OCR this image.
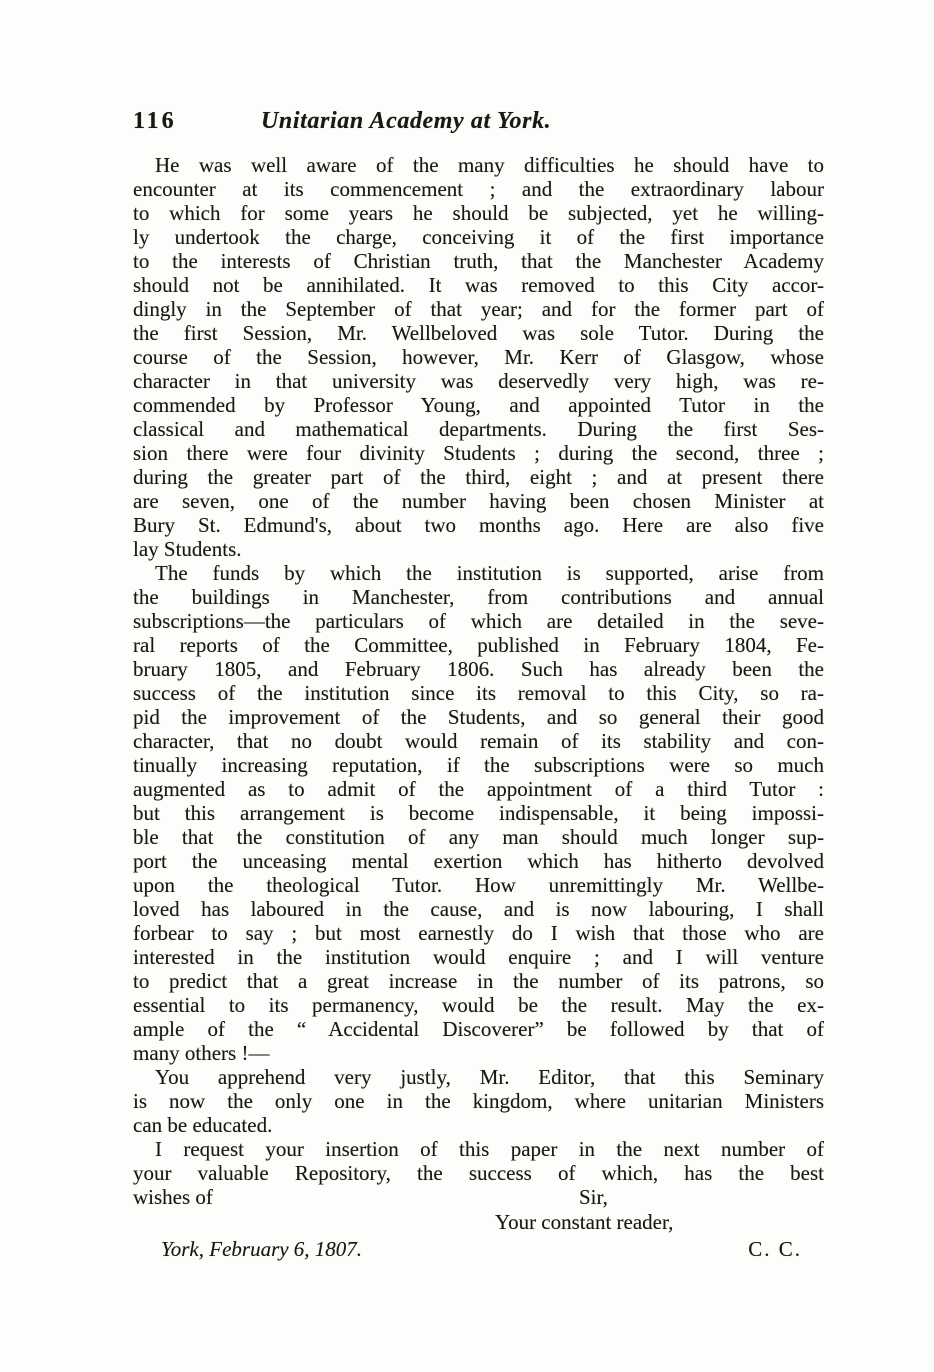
116	Unitarian Academy at York.
He was well aware of the many difficulties he should have to
encounter at its commencement ; and the extraordinary labour
to which for some years he should be subjected, yet he willing-
ly undertook the charge, conceiving it of the first importance
to the interests of Christian truth, that the Manchester Academy
should not be annihilated. It was removed to this City accor-
dingly in the September of that year; and for the former part of
the first Session, Mr. Wellbeloved was sole Tutor. During the
course of the Session, however, Mr. Kerr of Glasgow, whose
character in that university was deservedly very high, was re-
commended by Professor Young, and appointed Tutor in the
classical and mathematical departments. During the first Ses-
sion there were four divinity Students ; during the second, three ;
during the greater part of the third, eight ; and at present there
are seven, one of the number having been chosen Minister at
Bury St. Edmund's, about two months ago. Here are also five
lay Students.
The funds by which the institution is supported, arise from
the buildings in Manchester, from contributions and annual
subscriptions—the particulars of which are detailed in the seve-
ral reports of the Committee, published in February 1804, Fe-
bruary 1805, and February 1806. Such has already been the
success of the institution since its removal to this City, so ra-
pid the improvement of the Students, and so general their good
character, that no doubt would remain of its stability and con-
tinually increasing reputation, if the subscriptions were so much
augmented as to admit of the appointment of a third Tutor :
but this arrangement is become indispensable, it being impossi-
ble that the constitution of any man should much longer sup-
port the unceasing mental exertion which has hitherto devolved
upon the theological Tutor. How unremittingly Mr. Wellbe-
loved has laboured in the cause, and is now labouring, I shall
forbear to say ; but most earnestly do I wish that those who are
interested in the institution would enquire ; and I will venture
to predict that a great increase in the number of its patrons, so
essential to its permanency, would be the result. May the ex-
ample of the “ Accidental Discoverer” be followed by that of
many others !—
You apprehend very justly, Mr. Editor, that this Seminary
is now the only one in the kingdom, where unitarian Ministers
can be educated.
I request your insertion of this paper in the next number of
your valuable Repository, the success of which, has the best
wishes of	Sir,
Your constant reader,
York, February 6, 1807.	C. C.
